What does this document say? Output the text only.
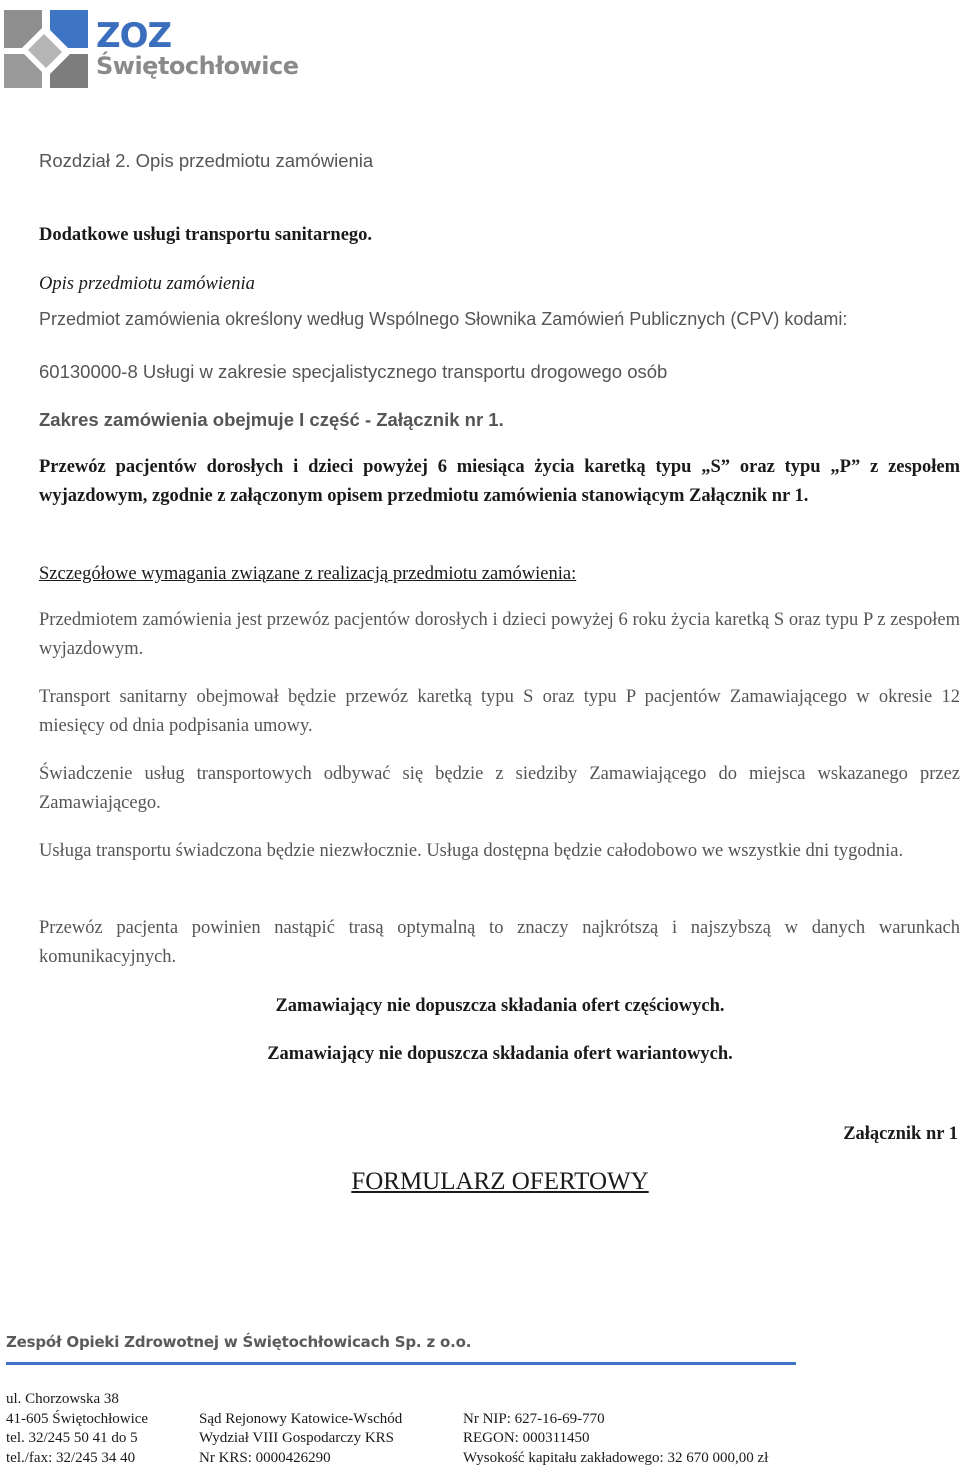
ZOZ
Świętochłowice

Rozdział 2. Opis przedmiotu zamówienia

Dodatkowe usługi transportu sanitarnego.

Opis przedmiotu zamówienia

Przedmiot zamówienia określony według Wspólnego Słownika Zamówień Publicznych (CPV) kodami:

60130000-8 Usługi w zakresie specjalistycznego transportu drogowego osób

Zakres zamówienia obejmuje I część - Załącznik nr 1.

Przewóz pacjentów dorosłych i dzieci powyżej 6 miesiąca życia karetką typu „S” oraz typu „P” z zespołem wyjazdowym, zgodnie z załączonym opisem przedmiotu zamówienia stanowiącym Załącznik nr 1.

Szczegółowe wymagania związane z realizacją przedmiotu zamówienia:

Przedmiotem zamówienia jest przewóz pacjentów dorosłych i dzieci powyżej 6 roku życia karetką S oraz typu P z zespołem wyjazdowym.

Transport sanitarny obejmował będzie przewóz karetką typu S oraz typu P pacjentów Zamawiającego w okresie 12 miesięcy od dnia podpisania umowy.

Świadczenie usług transportowych odbywać się będzie z siedziby Zamawiającego do miejsca wskazanego przez Zamawiającego.

Usługa transportu świadczona będzie niezwłocznie. Usługa dostępna będzie całodobowo we wszystkie dni tygodnia.

Przewóz pacjenta powinien nastąpić trasą optymalną to znaczy najkrótszą i najszybszą w danych warunkach komunikacyjnych.

Zamawiający nie dopuszcza składania ofert częściowych.

Zamawiający nie dopuszcza składania ofert wariantowych.

Załącznik nr 1

FORMULARZ OFERTOWY
Zespół Opieki Zdrowotnej w Świętochłowicach Sp. z o.o.
ul. Chorzowska 38
41-605 Świętochłowice
tel. 32/245 50 41 do 5
tel./fax: 32/245 34 40
Sąd Rejonowy Katowice-Wschód
Wydział VIII Gospodarczy KRS
Nr KRS: 0000426290
Nr NIP: 627-16-69-770
REGON: 000311450
Wysokość kapitału zakładowego: 32 670 000,00 zł
